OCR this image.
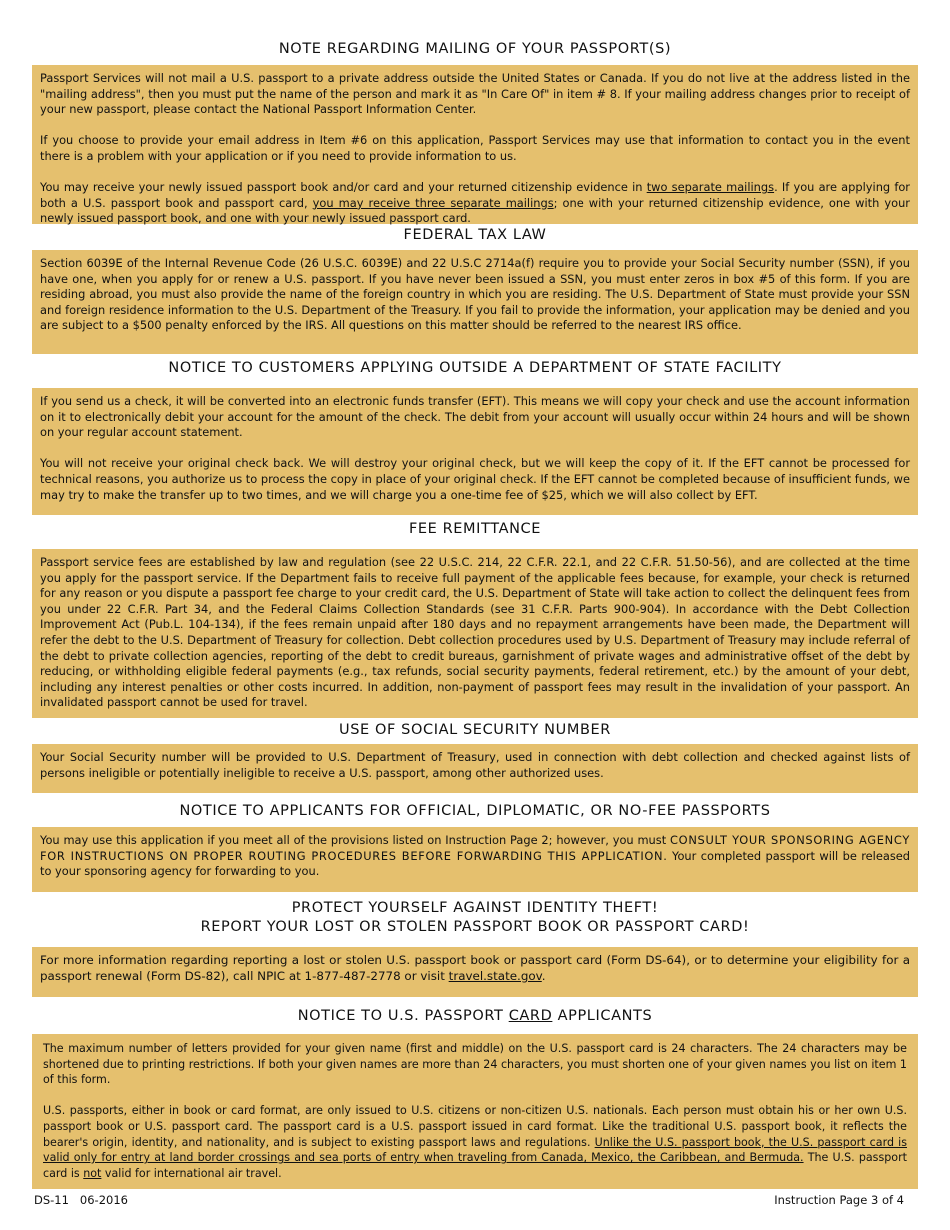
NOTE REGARDING MAILING OF YOUR PASSPORT(S)

Passport Services will not mail a U.S. passport to a private address outside the United States or Canada. If you do not live at the address listed in the "mailing address", then you must put the name of the person and mark it as "In Care Of" in item # 8. If your mailing address changes prior to receipt of your new passport, please contact the National Passport Information Center.

If you choose to provide your email address in Item #6 on this application, Passport Services may use that information to contact you in the event there is a problem with your application or if you need to provide information to us.

You may receive your newly issued passport book and/or card and your returned citizenship evidence in two separate mailings. If you are applying for both a U.S. passport book and passport card, you may receive three separate mailings; one with your returned citizenship evidence, one with your newly issued passport book, and one with your newly issued passport card.

FEDERAL TAX LAW

Section 6039E of the Internal Revenue Code (26 U.S.C. 6039E) and 22 U.S.C 2714a(f) require you to provide your Social Security number (SSN), if you have one, when you apply for or renew a U.S. passport. If you have never been issued a SSN, you must enter zeros in box #5 of this form. If you are residing abroad, you must also provide the name of the foreign country in which you are residing. The U.S. Department of State must provide your SSN and foreign residence information to the U.S. Department of the Treasury. If you fail to provide the information, your application may be denied and you are subject to a $500 penalty enforced by the IRS. All questions on this matter should be referred to the nearest IRS office.

NOTICE TO CUSTOMERS APPLYING OUTSIDE A DEPARTMENT OF STATE FACILITY

If you send us a check, it will be converted into an electronic funds transfer (EFT). This means we will copy your check and use the account information on it to electronically debit your account for the amount of the check. The debit from your account will usually occur within 24 hours and will be shown on your regular account statement.

You will not receive your original check back. We will destroy your original check, but we will keep the copy of it. If the EFT cannot be processed for technical reasons, you authorize us to process the copy in place of your original check. If the EFT cannot be completed because of insufficient funds, we may try to make the transfer up to two times, and we will charge you a one-time fee of $25, which we will also collect by EFT.

FEE REMITTANCE

Passport service fees are established by law and regulation (see 22 U.S.C. 214, 22 C.F.R. 22.1, and 22 C.F.R. 51.50-56), and are collected at the time you apply for the passport service. If the Department fails to receive full payment of the applicable fees because, for example, your check is returned for any reason or you dispute a passport fee charge to your credit card, the U.S. Department of State will take action to collect the delinquent fees from you under 22 C.F.R. Part 34, and the Federal Claims Collection Standards (see 31 C.F.R. Parts 900-904). In accordance with the Debt Collection Improvement Act (Pub.L. 104-134), if the fees remain unpaid after 180 days and no repayment arrangements have been made, the Department will refer the debt to the U.S. Department of Treasury for collection. Debt collection procedures used by U.S. Department of Treasury may include referral of the debt to private collection agencies, reporting of the debt to credit bureaus, garnishment of private wages and administrative offset of the debt by reducing, or withholding eligible federal payments (e.g., tax refunds, social security payments, federal retirement, etc.) by the amount of your debt, including any interest penalties or other costs incurred. In addition, non-payment of passport fees may result in the invalidation of your passport. An invalidated passport cannot be used for travel.

USE OF SOCIAL SECURITY NUMBER

Your Social Security number will be provided to U.S. Department of Treasury, used in connection with debt collection and checked against lists of persons ineligible or potentially ineligible to receive a U.S. passport, among other authorized uses.

NOTICE TO APPLICANTS FOR OFFICIAL, DIPLOMATIC, OR NO-FEE PASSPORTS

You may use this application if you meet all of the provisions listed on Instruction Page 2; however, you must CONSULT YOUR SPONSORING AGENCY FOR INSTRUCTIONS ON PROPER ROUTING PROCEDURES BEFORE FORWARDING THIS APPLICATION. Your completed passport will be released to your sponsoring agency for forwarding to you.

PROTECT YOURSELF AGAINST IDENTITY THEFT!
REPORT YOUR LOST OR STOLEN PASSPORT BOOK OR PASSPORT CARD!

For more information regarding reporting a lost or stolen U.S. passport book or passport card (Form DS-64), or to determine your eligibility for a passport renewal (Form DS-82), call NPIC at 1-877-487-2778 or visit travel.state.gov.

NOTICE TO U.S. PASSPORT CARD APPLICANTS

The maximum number of letters provided for your given name (first and middle) on the U.S. passport card is 24 characters. The 24 characters may be shortened due to printing restrictions. If both your given names are more than 24 characters, you must shorten one of your given names you list on item 1 of this form.

U.S. passports, either in book or card format, are only issued to U.S. citizens or non-citizen U.S. nationals. Each person must obtain his or her own U.S. passport book or U.S. passport card. The passport card is a U.S. passport issued in card format. Like the traditional U.S. passport book, it reflects the bearer's origin, identity, and nationality, and is subject to existing passport laws and regulations. Unlike the U.S. passport book, the U.S. passport card is valid only for entry at land border crossings and sea ports of entry when traveling from Canada, Mexico, the Caribbean, and Bermuda. The U.S. passport card is not valid for international air travel.

DS-11 06-2016	Instruction Page 3 of 4
